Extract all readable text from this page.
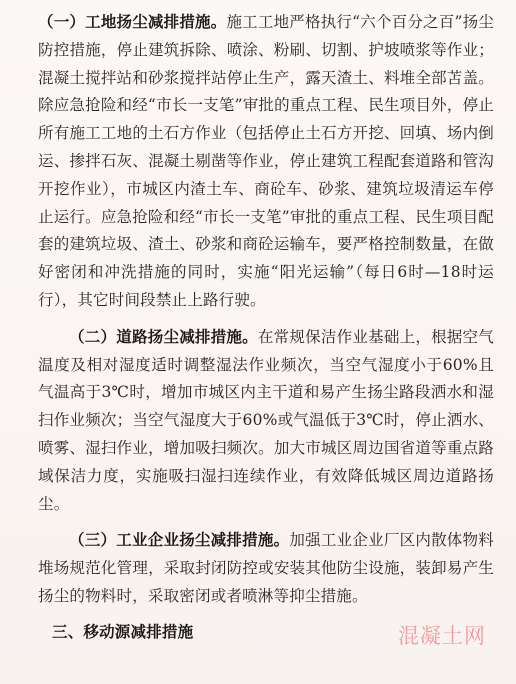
（一）工地扬尘减排措施。施工工地严格执行“六个百分之百”扬尘防控措施，停止建筑拆除、喷涂、粉刷、切割、护坡喷浆等作业；混凝土搅拌站和砂浆搅拌站停止生产，露天渣土、料堆全部苫盖。除应急抢险和经“市长一支笔”审批的重点工程、民生项目外，停止所有施工工地的土石方作业（包括停止土石方开挖、回填、场内倒运、掺拌石灰、混凝土剔凿等作业，停止建筑工程配套道路和管沟开挖作业），市城区内渣土车、商砼车、砂浆、建筑垃圾清运车停止运行。应急抢险和经“市长一支笔”审批的重点工程、民生项目配套的建筑垃圾、渣土、砂浆和商砼运输车，要严格控制数量，在做好密闭和冲洗措施的同时，实施“阳光运输”（每日6时—18时运行），其它时间段禁止上路行驶。

（二）道路扬尘减排措施。在常规保洁作业基础上，根据空气温度及相对湿度适时调整湿法作业频次，当空气湿度小于60%且气温高于3℃时，增加市城区内主干道和易产生扬尘路段洒水和湿扫作业频次；当空气湿度大于60%或气温低于3℃时，停止洒水、喷雾、湿扫作业，增加吸扫频次。加大市城区周边国省道等重点路域保洁力度，实施吸扫湿扫连续作业，有效降低城区周边道路扬尘。

（三）工业企业扬尘减排措施。加强工业企业厂区内散体物料堆场规范化管理，采取封闭防控或安装其他防尘设施，装卸易产生扬尘的物料时，采取密闭或者喷淋等抑尘措施。

三、移动源减排措施	混凝土网
